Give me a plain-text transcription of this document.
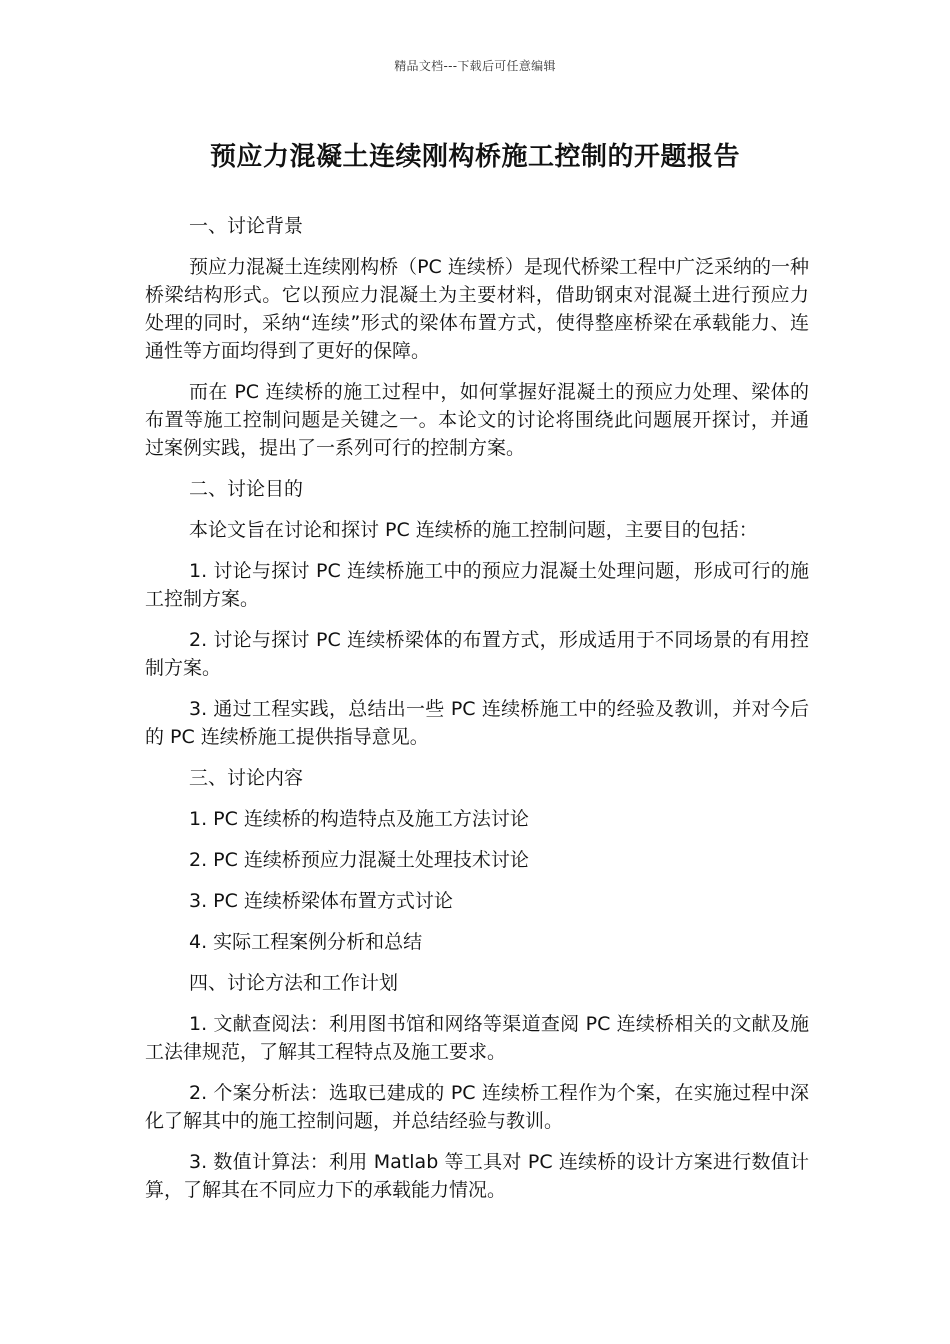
精品文档---下载后可任意编辑
预应力混凝土连续刚构桥施工控制的开题报告

一、讨论背景

预应力混凝土连续刚构桥（PC 连续桥）是现代桥梁工程中广泛采纳的一种桥梁结构形式。它以预应力混凝土为主要材料，借助钢束对混凝土进行预应力处理的同时，采纳“连续”形式的梁体布置方式，使得整座桥梁在承载能力、连通性等方面均得到了更好的保障。

而在 PC 连续桥的施工过程中，如何掌握好混凝土的预应力处理、梁体的布置等施工控制问题是关键之一。本论文的讨论将围绕此问题展开探讨，并通过案例实践，提出了一系列可行的控制方案。

二、讨论目的

本论文旨在讨论和探讨 PC 连续桥的施工控制问题，主要目的包括：

1. 讨论与探讨 PC 连续桥施工中的预应力混凝土处理问题，形成可行的施工控制方案。

2. 讨论与探讨 PC 连续桥梁体的布置方式，形成适用于不同场景的有用控制方案。

3. 通过工程实践，总结出一些 PC 连续桥施工中的经验及教训，并对今后的 PC 连续桥施工提供指导意见。

三、讨论内容

1. PC 连续桥的构造特点及施工方法讨论

2. PC 连续桥预应力混凝土处理技术讨论

3. PC 连续桥梁体布置方式讨论

4. 实际工程案例分析和总结

四、讨论方法和工作计划

1. 文献查阅法：利用图书馆和网络等渠道查阅 PC 连续桥相关的文献及施工法律规范，了解其工程特点及施工要求。

2. 个案分析法：选取已建成的 PC 连续桥工程作为个案，在实施过程中深化了解其中的施工控制问题，并总结经验与教训。

3. 数值计算法：利用 Matlab 等工具对 PC 连续桥的设计方案进行数值计算，了解其在不同应力下的承载能力情况。
